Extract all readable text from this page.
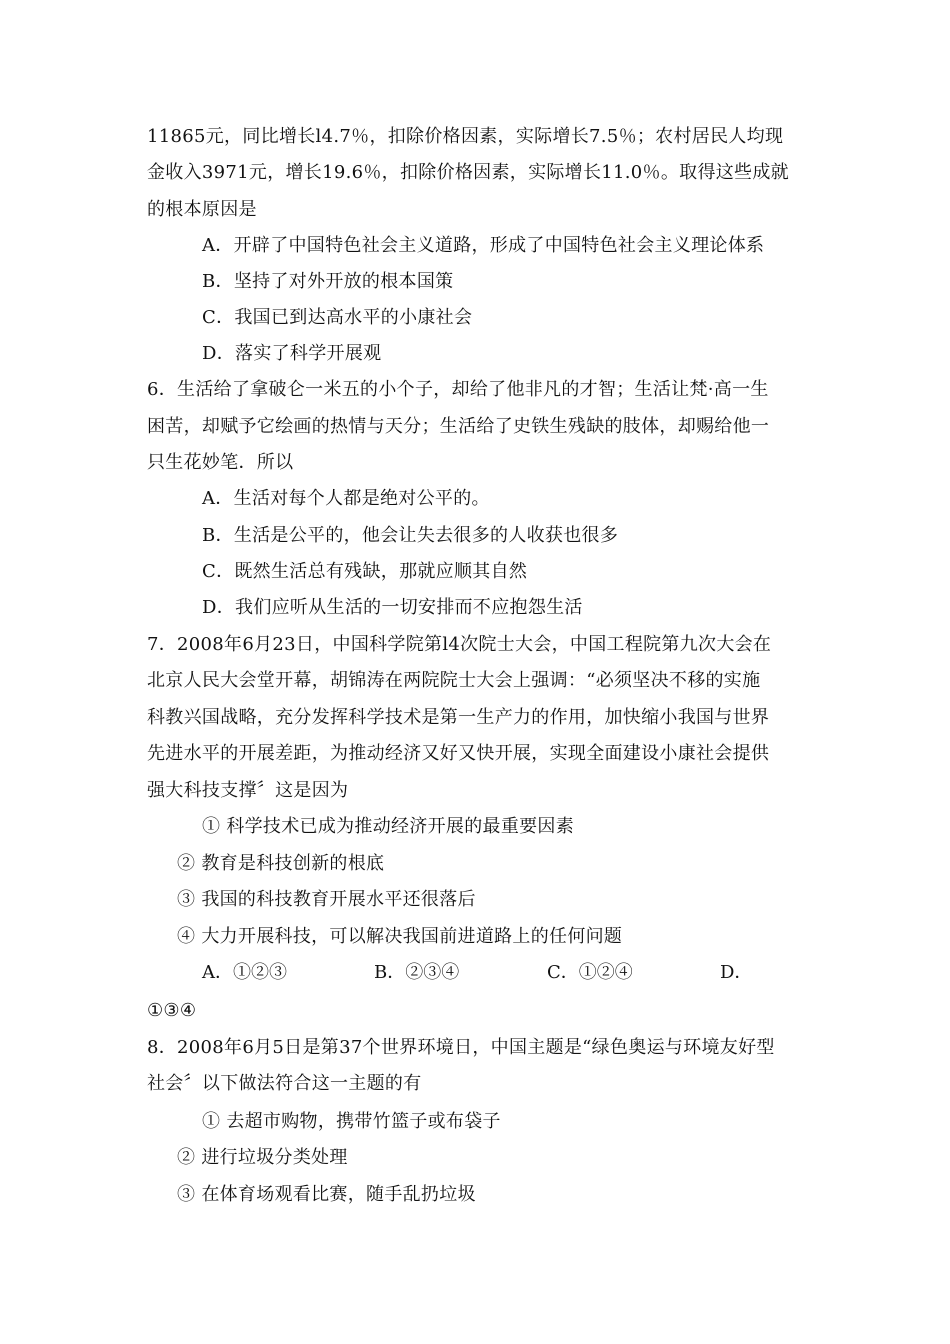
11865元，同比增长l4.7％，扣除价格因素，实际增长7.5％；农村居民人均现
金收入3971元，增长19.6％，扣除价格因素，实际增长11.0％。取得这些成就
的根本原因是
A．开辟了中国特色社会主义道路，形成了中国特色社会主义理论体系
B．坚持了对外开放的根本国策
C．我国已到达高水平的小康社会
D．落实了科学开展观
6．生活给了拿破仑一米五的小个子，却给了他非凡的才智；生活让梵·高一生
困苦，却赋予它绘画的热情与天分；生活给了史铁生残缺的肢体，却赐给他一
只生花妙笔．所以
A．生活对每个人都是绝对公平的。
B．生活是公平的，他会让失去很多的人收获也很多
C．既然生活总有残缺，那就应顺其自然
D．我们应听从生活的一切安排而不应抱怨生活
7．2008年6月23日，中国科学院第l4次院士大会，中国工程院第九次大会在
北京人民大会堂开幕，胡锦涛在两院院士大会上强调：“必须坚决不移的实施
科教兴国战略，充分发挥科学技术是第一生产力的作用，加快缩小我国与世界
先进水平的开展差距，为推动经济又好又快开展，实现全面建设小康社会提供
强大科技支撑〞这是因为
① 科学技术已成为推动经济开展的最重要因素
② 教育是科技创新的根底
③ 我国的科技教育开展水平还很落后
④ 大力开展科技，可以解决我国前进道路上的任何问题
A．①②③	B．②③④	C．①②④	D．
①③④
8．2008年6月5日是第37个世界环境日，中国主题是“绿色奥运与环境友好型
社会〞以下做法符合这一主题的有
① 去超市购物，携带竹篮子或布袋子
② 进行垃圾分类处理
③ 在体育场观看比赛，随手乱扔垃圾
